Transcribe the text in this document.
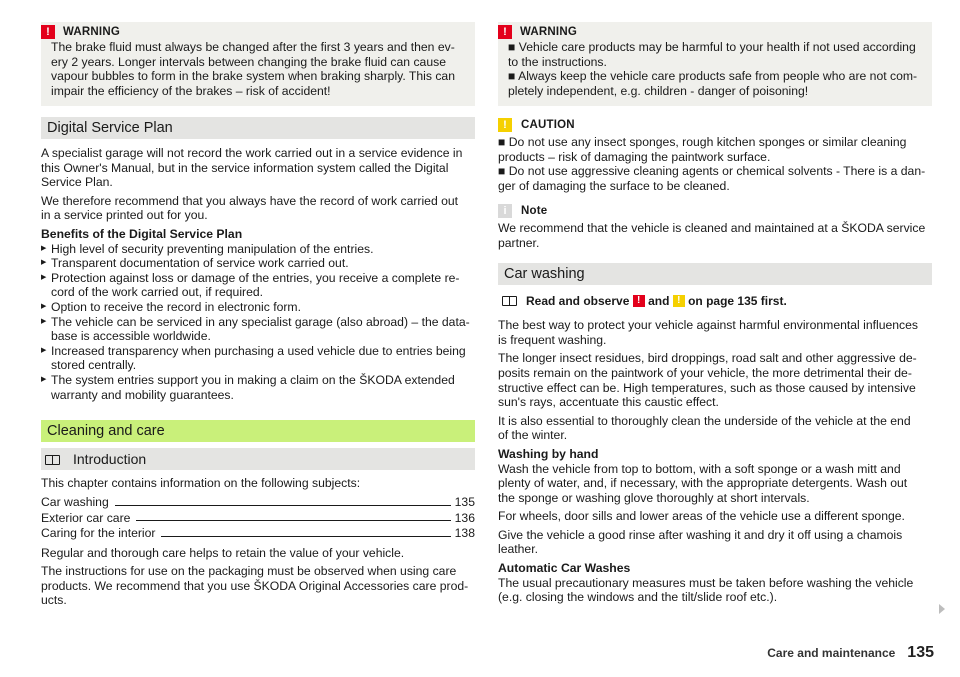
!	WARNING
The brake fluid must always be changed after the first 3 years and then ev-
ery 2 years. Longer intervals between changing the brake fluid can cause
vapour bubbles to form in the brake system when braking sharply. This can
impair the efficiency of the brakes – risk of accident!
Digital Service Plan

A specialist garage will not record the work carried out in a service evidence in
this Owner's Manual, but in the service information system called the Digital
Service Plan.

We therefore recommend that you always have the record of work carried out
in a service printed out for you.

Benefits of the Digital Service Plan
▶ High level of security preventing manipulation of the entries.
▶ Transparent documentation of service work carried out.
▶ Protection against loss or damage of the entries, you receive a complete re-
cord of the work carried out, if required.
▶ Option to receive the record in electronic form.
▶ The vehicle can be serviced in any specialist garage (also abroad) – the data-
base is accessible worldwide.
▶ Increased transparency when purchasing a used vehicle due to entries being
stored centrally.
▶ The system entries support you in making a claim on the ŠKODA extended
warranty and mobility guarantees.
Cleaning and care
Introduction

This chapter contains information on the following subjects:

Car washing	135
Exterior car care	136
Caring for the interior	138

Regular and thorough care helps to retain the value of your vehicle.

The instructions for use on the packaging must be observed when using care
products. We recommend that you use ŠKODA Original Accessories care prod-
ucts.

!	WARNING
■ Vehicle care products may be harmful to your health if not used according
to the instructions.
■ Always keep the vehicle care products safe from people who are not com-
pletely independent, e.g. children - danger of poisoning!
!	CAUTION
■ Do not use any insect sponges, rough kitchen sponges or similar cleaning
products – risk of damaging the paintwork surface.
■ Do not use aggressive cleaning agents or chemical solvents - There is a dan-
ger of damaging the surface to be cleaned.
i	Note
We recommend that the vehicle is cleaned and maintained at a ŠKODA service
partner.
Car washing
Read and observe
!
and
!
on page 135 first.

The best way to protect your vehicle against harmful environmental influences
is frequent washing.

The longer insect residues, bird droppings, road salt and other aggressive de-
posits remain on the paintwork of your vehicle, the more detrimental their de-
structive effect can be. High temperatures, such as those caused by intensive
sun's rays, accentuate this caustic effect.

It is also essential to thoroughly clean the underside of the vehicle at the end
of the winter.

Washing by hand

Wash the vehicle from top to bottom, with a soft sponge or a wash mitt and
plenty of water, and, if necessary, with the appropriate detergents. Wash out
the sponge or washing glove thoroughly at short intervals.

For wheels, door sills and lower areas of the vehicle use a different sponge.

Give the vehicle a good rinse after washing it and dry it off using a chamois
leather.

Automatic Car Washes

The usual precautionary measures must be taken before washing the vehicle
(e.g. closing the windows and the tilt/slide roof etc.).

Care and maintenance 135
